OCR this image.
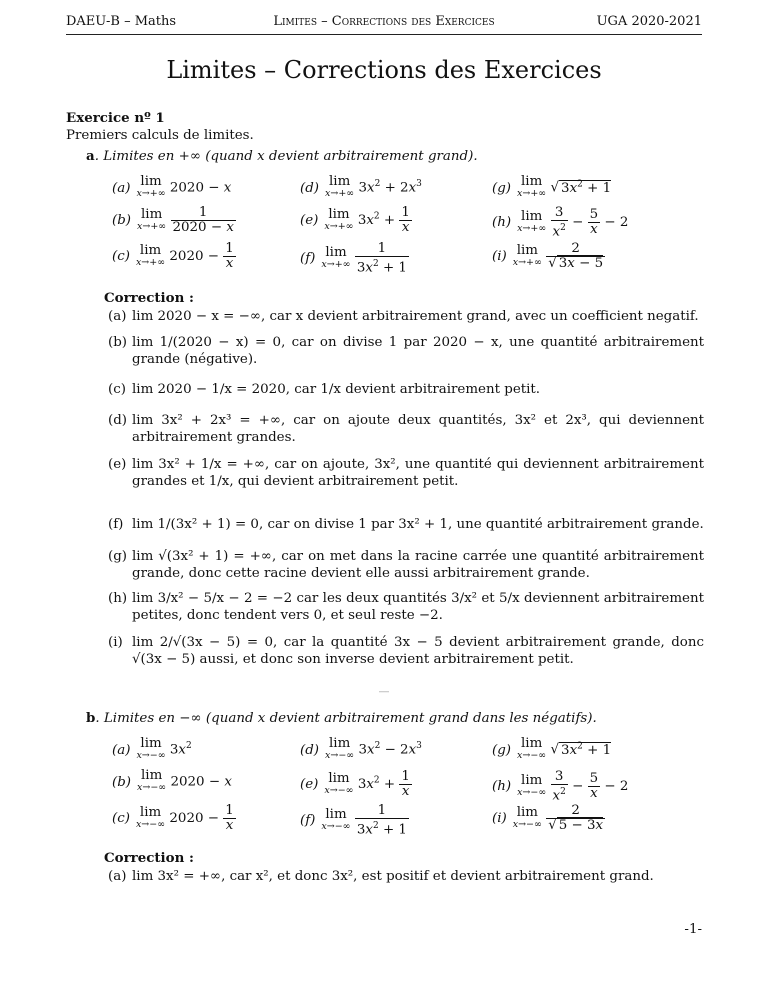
DAEU-B – Maths	Limites – Corrections des Exercices	UGA 2020-2021
Limites – Corrections des Exercices
Exercice nº 1
Premiers calculs de limites.
a. Limites en +∞ (quand x devient arbitrairement grand).
(a) lim
x→+∞ 2020 − x
(b) lim
x→+∞
$\frac{1}{2020 - x}$
(c) lim
x→+∞ $2020 - \frac{1}{x}$
(d) lim
x→+∞ $3x^2 + 2x^3$
(e) lim
x→+∞ $3x^2 + \frac{1}{x}$
(f) lim
x→+∞
$\frac{1}{3x^2 + 1}$
(g) lim
x→+∞ √ $3x^2 + 1$
(h) lim
x→+∞
$\frac{3}{x^2} - \frac{5}{x} - 2$
(i) lim
x→+∞
$\frac{2}{√ 3x - 5}$
Correction :
(a) lim 2020 − x = −∞, car x devient arbitrairement grand, avec un coefficient negatif.
(b) lim 1/(2020 − x) = 0, car on divise 1 par 2020 − x, une quantité arbitrairement grande (négative).
(c) lim 2020 − 1/x = 2020, car 1/x devient arbitrairement petit.
(d) lim 3x² + 2x³ = +∞, car on ajoute deux quantités, 3x² et 2x³, qui deviennent arbitrairement grandes.
(e) lim 3x² + 1/x = +∞, car on ajoute, 3x², une quantité qui deviennent arbitrairement grandes et 1/x, qui devient arbitrairement petit.
(f) lim 1/(3x² + 1) = 0, car on divise 1 par 3x² + 1, une quantité arbitrairement grande.
(g) lim √(3x² + 1) = +∞, car on met dans la racine carrée une quantité arbitrairement grande, donc cette racine devient elle aussi arbitrairement grande.
(h) lim 3/x² − 5/x − 2 = −2 car les deux quantités 3/x² et 5/x deviennent arbitrairement petites, donc tendent vers 0, et seul reste −2.
(i) lim 2/√(3x − 5) = 0, car la quantité 3x − 5 devient arbitrairement grande, donc √(3x − 5) aussi, et donc son inverse devient arbitrairement petit.
—
b. Limites en −∞ (quand x devient arbitrairement grand dans les négatifs).
(a) lim
x→−∞ $3x^2$
(b) lim
x→−∞ 2020 − x
(c) lim
x→−∞ $2020 - \frac{1}{x}$
(d) lim
x→−∞ $3x^2 - 2x^3$
(e) lim
x→−∞ $3x^2 + \frac{1}{x}$
(f) lim
x→−∞
$\frac{1}{3x^2 + 1}$
(g) lim
x→−∞ √ $3x^2 + 1$
(h) lim
x→−∞
$\frac{3}{x^2} - \frac{5}{x} - 2$
(i) lim
x→−∞
$\frac{2}{√ 5 - 3x}$
Correction :
(a) lim 3x² = +∞, car x², et donc 3x², est positif et devient arbitrairement grand.
-1-
